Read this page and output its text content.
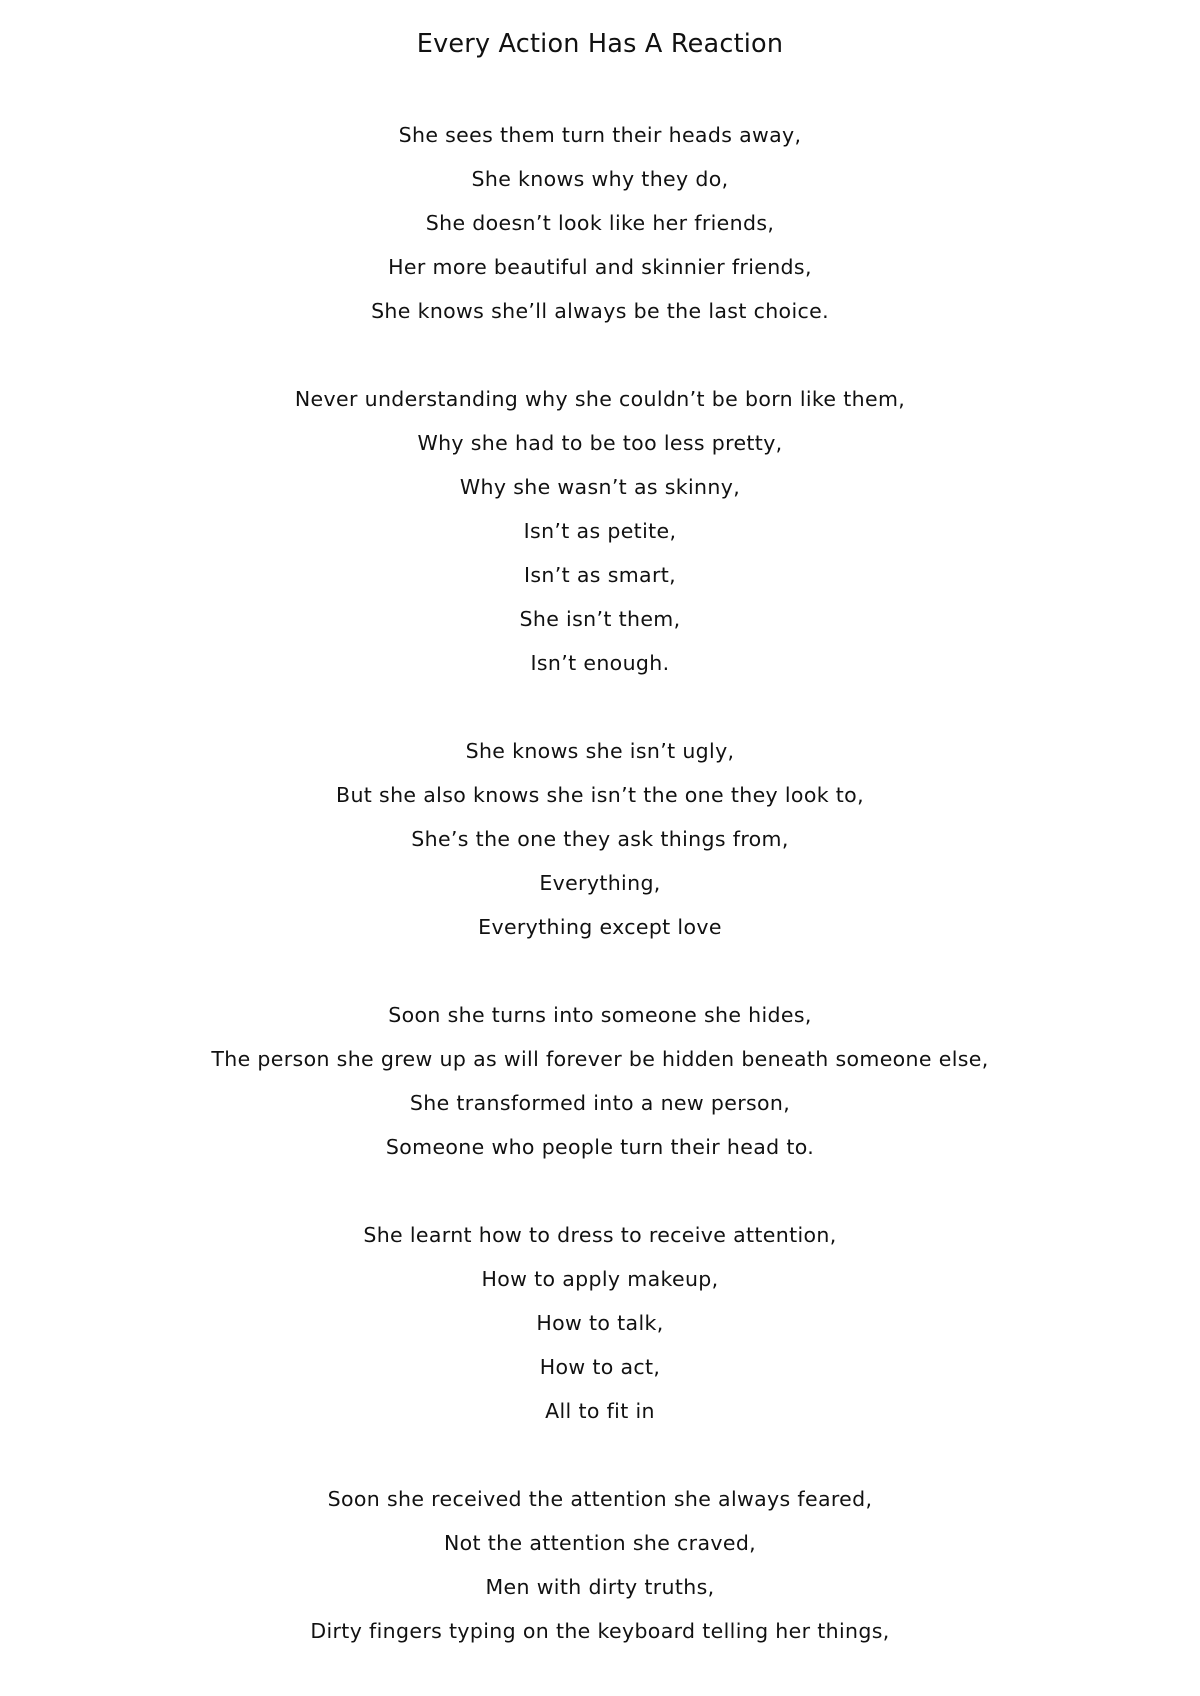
Every Action Has A Reaction
She sees them turn their heads away,
She knows why they do,
She doesn’t look like her friends,
Her more beautiful and skinnier friends,
She knows she’ll always be the last choice.
Never understanding why she couldn’t be born like them,
Why she had to be too less pretty,
Why she wasn’t as skinny,
Isn’t as petite,
Isn’t as smart,
She isn’t them,
Isn’t enough.
She knows she isn’t ugly,
But she also knows she isn’t the one they look to,
She’s the one they ask things from,
Everything,
Everything except love
Soon she turns into someone she hides,
The person she grew up as will forever be hidden beneath someone else,
She transformed into a new person,
Someone who people turn their head to.
She learnt how to dress to receive attention,
How to apply makeup,
How to talk,
How to act,
All to fit in
Soon she received the attention she always feared,
Not the attention she craved,
Men with dirty truths,
Dirty fingers typing on the keyboard telling her things,
